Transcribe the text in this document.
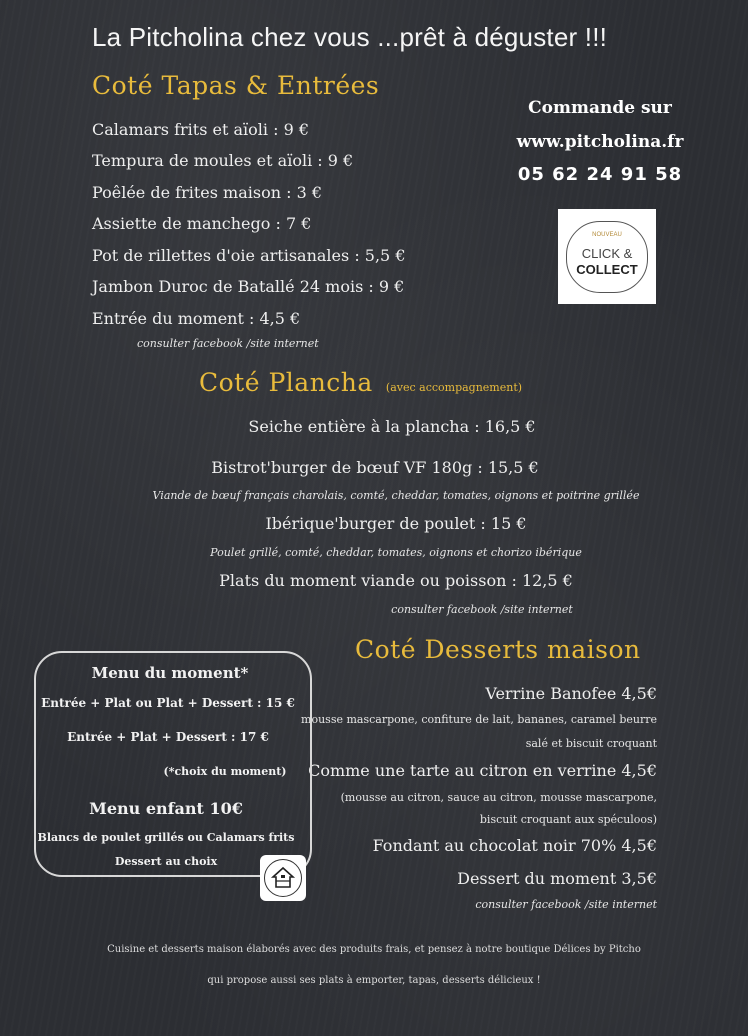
La Pitcholina chez vous ...prêt à déguster !!!
Coté Tapas & Entrées
Calamars frits et aïoli : 9 €
Tempura de moules et aïoli : 9 €
Poêlée de frites maison : 3 €
Assiette de manchego : 7 €
Pot de rillettes d'oie artisanales : 5,5 €
Jambon Duroc de Batallé 24 mois : 9 €
Entrée du moment : 4,5 €
consulter facebook /site internet
Commande sur
www.pitcholina.fr
05 62 24 91 58
NOUVEAU
CLICK &
COLLECT
Coté Plancha (avec accompagnement)
Seiche entière à la plancha : 16,5 €
Bistrot'burger de bœuf VF 180g : 15,5 €
Viande de bœuf français charolais, comté, cheddar, tomates, oignons et poitrine grillée
Ibérique'burger de poulet : 15 €
Poulet grillé, comté, cheddar, tomates, oignons et chorizo ibérique
Plats du moment viande ou poisson : 12,5 €
consulter facebook /site internet
Coté Desserts maison
Verrine Banofee 4,5€
mousse mascarpone, confiture de lait, bananes, caramel beurre
salé et biscuit croquant
Comme une tarte au citron en verrine 4,5€
(mousse au citron, sauce au citron, mousse mascarpone,
biscuit croquant aux spéculoos)
Fondant au chocolat noir 70% 4,5€
Dessert du moment 3,5€
consulter facebook /site internet
Menu du moment*
Entrée + Plat ou Plat + Dessert : 15 €
Entrée + Plat + Dessert : 17 €
(*choix du moment)
Menu enfant 10€
Blancs de poulet grillés ou Calamars frits
Dessert au choix
Cuisine et desserts maison élaborés avec des produits frais, et pensez à notre boutique Délices by Pitcho
qui propose aussi ses plats à emporter, tapas, desserts délicieux !
